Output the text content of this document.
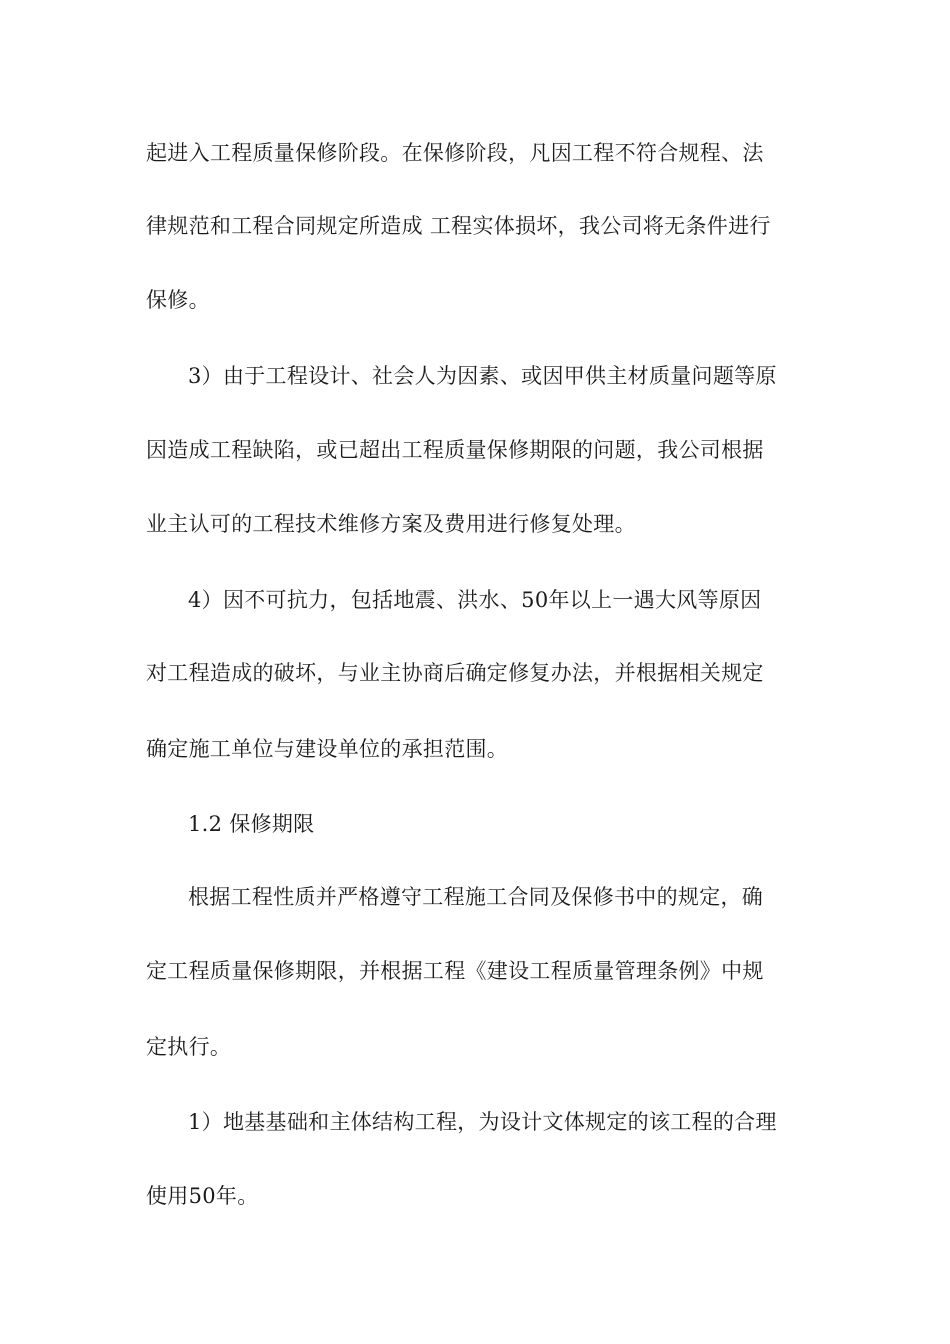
起进入工程质量保修阶段。在保修阶段，凡因工程不符合规程、法
律规范和工程合同规定所造成 工程实体损坏，我公司将无条件进行
保修。
3）由于工程设计、社会人为因素、或因甲供主材质量问题等原
因造成工程缺陷，或已超出工程质量保修期限的问题，我公司根据
业主认可的工程技术维修方案及费用进行修复处理。
4）因不可抗力，包括地震、洪水、50年以上一遇大风等原因
对工程造成的破坏，与业主协商后确定修复办法，并根据相关规定
确定施工单位与建设单位的承担范围。
1.2 保修期限
根据工程性质并严格遵守工程施工合同及保修书中的规定，确
定工程质量保修期限，并根据工程《建设工程质量管理条例》中规
定执行。
1）地基基础和主体结构工程，为设计文体规定的该工程的合理
使用50年。
